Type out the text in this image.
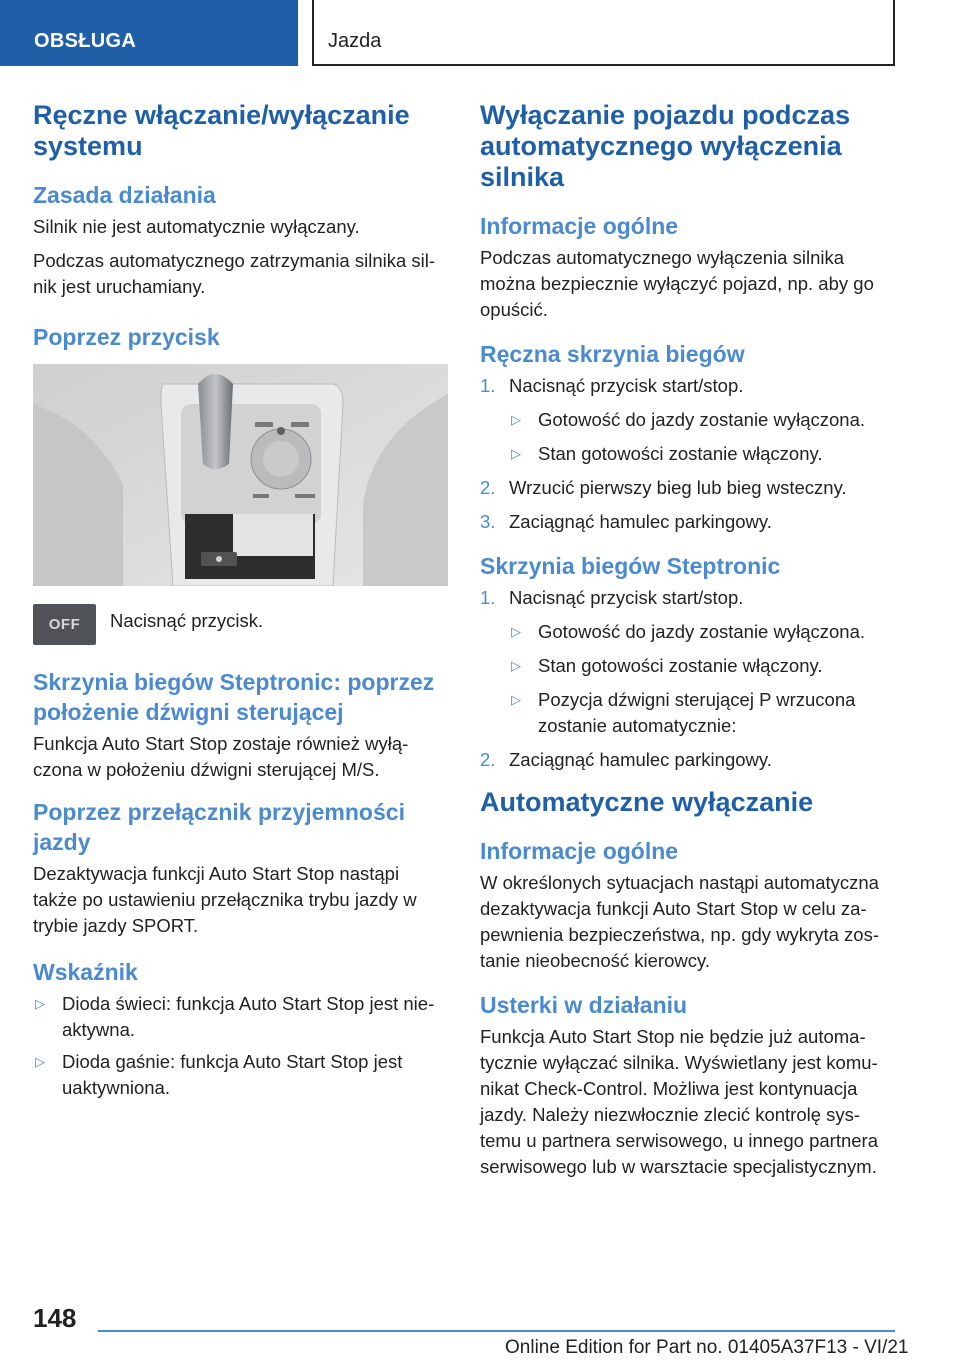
OBSŁUGA	Jazda
Ręczne włączanie/wyłączanie systemu
Zasada działania

Silnik nie jest automatycznie wyłączany.

Podczas automatycznego zatrzymania silnika silnik jest uruchamiany.

Poprzez przycisk
OFF Nacisnąć przycisk.

Skrzynia biegów Steptronic: poprzez położenie dźwigni sterującej

Funkcja Auto Start Stop zostaje również wyłączona w położeniu dźwigni sterującej M/S.

Poprzez przełącznik przyjemności jazdy

Dezaktywacja funkcji Auto Start Stop nastąpi także po ustawieniu przełącznika trybu jazdy w trybie jazdy SPORT.

Wskaźnik
▷ Dioda świeci: funkcja Auto Start Stop jest nieaktywna.
▷ Dioda gaśnie: funkcja Auto Start Stop jest uaktywniona.
Wyłączanie pojazdu podczas automatycznego wyłączenia silnika
Informacje ogólne

Podczas automatycznego wyłączenia silnika można bezpiecznie wyłączyć pojazd, np. aby go opuścić.

Ręczna skrzynia biegów
1. Nacisnąć przycisk start/stop.
▷ Gotowość do jazdy zostanie wyłączona.
▷ Stan gotowości zostanie włączony.
2. Wrzucić pierwszy bieg lub bieg wsteczny.
3. Zaciągnąć hamulec parkingowy.
Skrzynia biegów Steptronic
1. Nacisnąć przycisk start/stop.
▷ Gotowość do jazdy zostanie wyłączona.
▷ Stan gotowości zostanie włączony.
▷ Pozycja dźwigni sterującej P wrzucona zostanie automatycznie:
2. Zaciągnąć hamulec parkingowy.
Automatyczne wyłączanie
Informacje ogólne

W określonych sytuacjach nastąpi automatyczna dezaktywacja funkcji Auto Start Stop w celu zapewnienia bezpieczeństwa, np. gdy wykryta zostanie nieobecność kierowcy.

Usterki w działaniu

Funkcja Auto Start Stop nie będzie już automatycznie wyłączać silnika. Wyświetlany jest komunikat Check-Control. Możliwa jest kontynuacja jazdy. Należy niezwłocznie zlecić kontrolę systemu u partnera serwisowego, u innego partnera serwisowego lub w warsztacie specjalistycznym.

148
Online Edition for Part no. 01405A37F13 - VI/21
